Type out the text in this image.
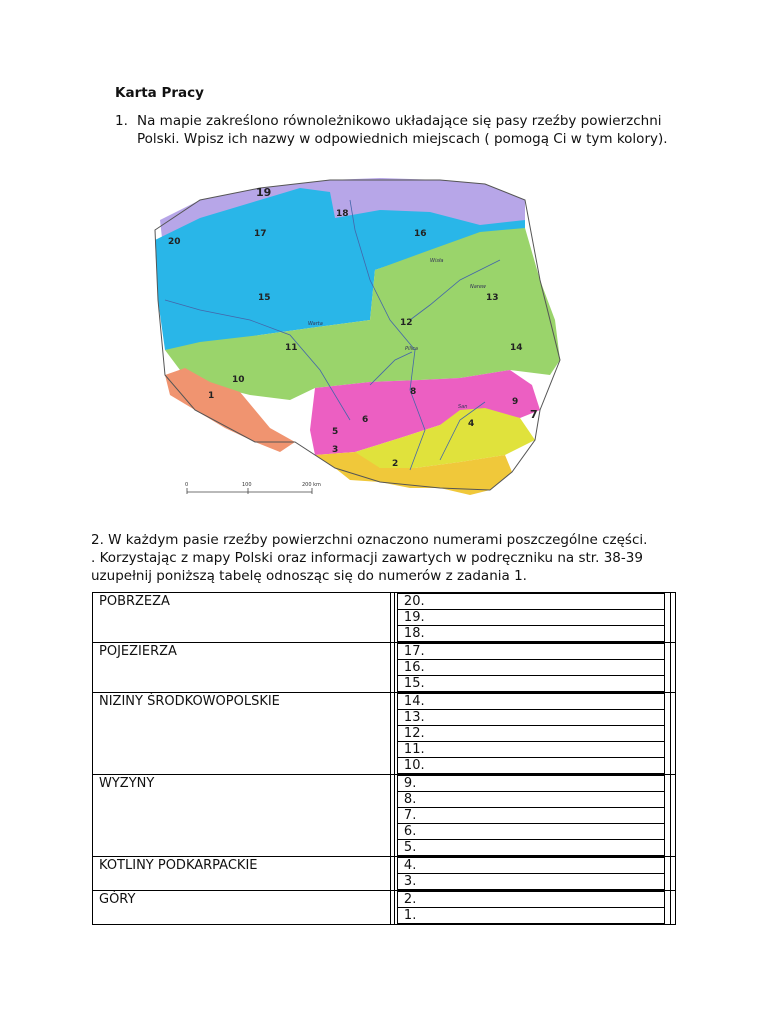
Karta Pracy
1. Na mapie zakreślono równoleżnikowo układające się pasy rzeźby powierzchni Polski. Wpisz ich nazwy w odpowiednich miejscach ( pomogą Ci w tym kolory).
Warta
Wisła
Pilica
Narew
San
1
2
3
4
5
6	7
8
9
10
11
12
13
14
15
16
17
18
19
20
0	100	200 km

2. W każdym pasie rzeźby powierzchni oznaczono numerami poszczególne części.

. Korzystając z mapy Polski oraz informacji zawartych w podręczniku na str. 38-39

uzupełnij poniższą tabelę odnosząc się do numerów z zadania 1.

POBRZEZA		20.
19.
18.	

POJEZIERZA		17.
16.
15.	

NIZINY ŚRODKOWOPOLSKIE		14.
13.
12.
11.
10.	

WYZYNY		9.
8.
7.
6.
5.	

KOTLINY PODKARPACKIE		4.
3.	

GÓRY		2.
1.	
